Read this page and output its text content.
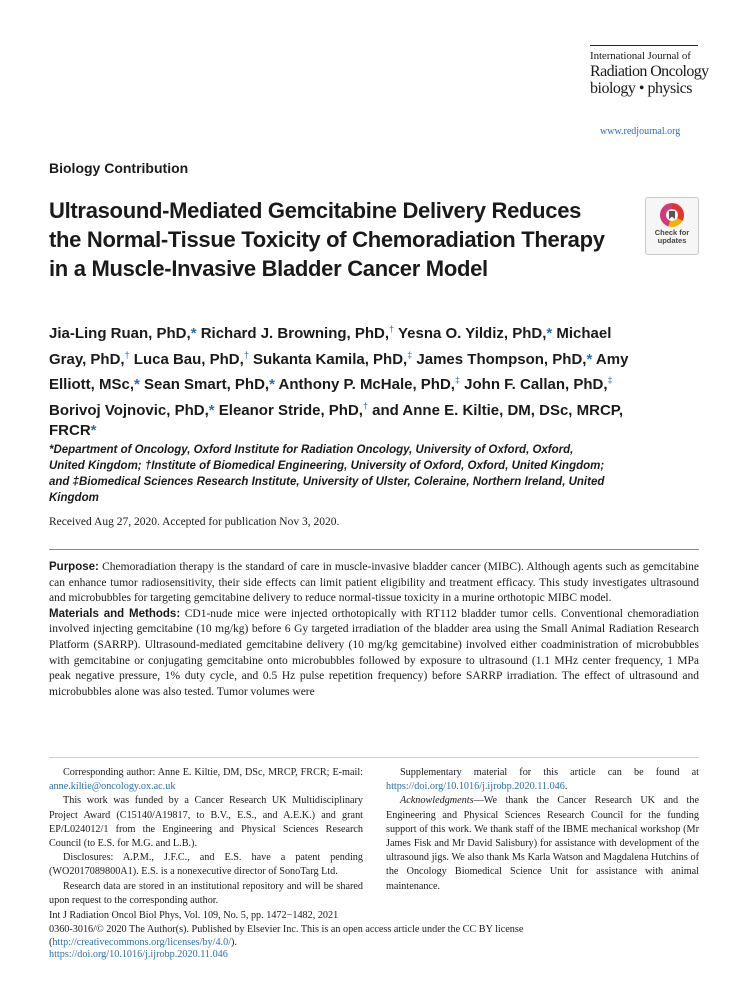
International Journal of
Radiation Oncology
biology • physics
www.redjournal.org
Biology Contribution
Ultrasound-Mediated Gemcitabine Delivery Reduces the Normal-Tissue Toxicity of Chemoradiation Therapy in a Muscle-Invasive Bladder Cancer Model
Check for
updates
Jia-Ling Ruan, PhD,* Richard J. Browning, PhD,† Yesna O. Yildiz, PhD,* Michael Gray, PhD,† Luca Bau, PhD,† Sukanta Kamila, PhD,‡ James Thompson, PhD,* Amy Elliott, MSc,* Sean Smart, PhD,* Anthony P. McHale, PhD,‡ John F. Callan, PhD,‡ Borivoj Vojnovic, PhD,* Eleanor Stride, PhD,† and Anne E. Kiltie, DM, DSc, MRCP, FRCR*
*Department of Oncology, Oxford Institute for Radiation Oncology, University of Oxford, Oxford, United Kingdom; †Institute of Biomedical Engineering, University of Oxford, Oxford, United Kingdom; and ‡Biomedical Sciences Research Institute, University of Ulster, Coleraine, Northern Ireland, United Kingdom
Received Aug 27, 2020. Accepted for publication Nov 3, 2020.

Purpose: Chemoradiation therapy is the standard of care in muscle-invasive bladder cancer (MIBC). Although agents such as gemcitabine can enhance tumor radiosensitivity, their side effects can limit patient eligibility and treatment efficacy. This study investigates ultrasound and microbubbles for targeting gemcitabine delivery to reduce normal-tissue toxicity in a murine orthotopic MIBC model.

Materials and Methods: CD1-nude mice were injected orthotopically with RT112 bladder tumor cells. Conventional chemoradiation involved injecting gemcitabine (10 mg/kg) before 6 Gy targeted irradiation of the bladder area using the Small Animal Radiation Research Platform (SARRP). Ultrasound-mediated gemcitabine delivery (10 mg/kg gemcitabine) involved either coadministration of microbubbles with gemcitabine or conjugating gemcitabine onto microbubbles followed by exposure to ultrasound (1.1 MHz center frequency, 1 MPa peak negative pressure, 1% duty cycle, and 0.5 Hz pulse repetition frequency) before SARRP irradiation. The effect of ultrasound and microbubbles alone was also tested. Tumor volumes were

Corresponding author: Anne E. Kiltie, DM, DSc, MRCP, FRCR; E-mail: anne.kiltie@oncology.ox.ac.uk

This work was funded by a Cancer Research UK Multidisciplinary Project Award (C15140/A19817, to B.V., E.S., and A.E.K.) and grant EP/L024012/1 from the Engineering and Physical Sciences Research Council (to E.S. for M.G. and L.B.).

Disclosures: A.P.M., J.F.C., and E.S. have a patent pending (WO2017089800A1). E.S. is a nonexecutive director of SonoTarg Ltd.

Research data are stored in an institutional repository and will be shared upon request to the corresponding author.

Supplementary material for this article can be found at https://doi.org/10.1016/j.ijrobp.2020.11.046.

Acknowledgments—We thank the Cancer Research UK and the Engineering and Physical Sciences Research Council for the funding support of this work. We thank staff of the IBME mechanical workshop (Mr James Fisk and Mr David Salisbury) for assistance with development of the ultrasound jigs. We also thank Ms Karla Watson and Magdalena Hutchins of the Oncology Biomedical Science Unit for assistance with animal maintenance.

Int J Radiation Oncol Biol Phys, Vol. 109, No. 5, pp. 1472−1482, 2021
0360-3016/© 2020 The Author(s). Published by Elsevier Inc. This is an open access article under the CC BY license (http://creativecommons.org/licenses/by/4.0/).
https://doi.org/10.1016/j.ijrobp.2020.11.046
